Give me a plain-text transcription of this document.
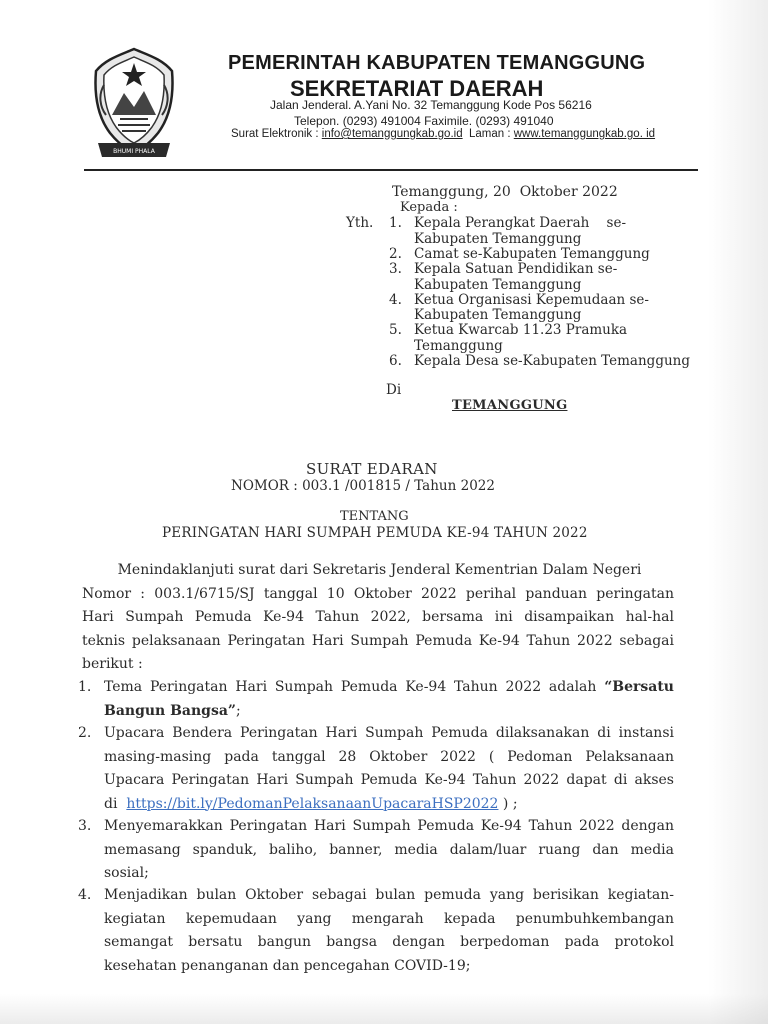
BHUMI PHALA
PEMERINTAH KABUPATEN TEMANGGUNG
SEKRETARIAT DAERAH
Jalan Jenderal. A.Yani No. 32 Temanggung Kode Pos 56216
Telepon. (0293) 491004 Faximile. (0293) 491040
Surat Elektronik : info@temanggungkab.go.id  Laman : www.temanggungkab.go. id
Temanggung, 20  Oktober 2022
Kepada :
Yth. 1. Kepala Perangkat Daerah    se-
Kabupaten Temanggung
2. Camat se-Kabupaten Temanggung
3. Kepala Satuan Pendidikan se-
Kabupaten Temanggung
4. Ketua Organisasi Kepemudaan se-
Kabupaten Temanggung
5. Ketua Kwarcab 11.23 Pramuka
Temanggung
6. Kepala Desa se-Kabupaten Temanggung
Di
TEMANGGUNG
SURAT EDARAN
NOMOR : 003.1 /001815 / Tahun 2022
TENTANG
PERINGATAN HARI SUMPAH PEMUDA KE-94 TAHUN 2022
Menindaklanjuti surat dari Sekretaris Jenderal Kementrian Dalam Negeri
Nomor : 003.1/6715/SJ tanggal 10 Oktober 2022 perihal panduan peringatan
Hari Sumpah Pemuda Ke-94 Tahun 2022, bersama ini disampaikan hal-hal
teknis pelaksanaan Peringatan Hari Sumpah Pemuda Ke-94 Tahun 2022 sebagai
berikut :
1. Tema Peringatan Hari Sumpah Pemuda Ke-94 Tahun 2022 adalah “Bersatu
Bangun Bangsa”;
2. Upacara Bendera Peringatan Hari Sumpah Pemuda dilaksanakan di instansi
masing-masing pada tanggal 28 Oktober 2022 ( Pedoman Pelaksanaan
Upacara Peringatan Hari Sumpah Pemuda Ke-94 Tahun 2022 dapat di akses
di  https://bit.ly/PedomanPelaksanaanUpacaraHSP2022 ) ;
3. Menyemarakkan Peringatan Hari Sumpah Pemuda Ke-94 Tahun 2022 dengan
memasang spanduk, baliho, banner, media dalam/luar ruang dan media
sosial;
4. Menjadikan bulan Oktober sebagai bulan pemuda yang berisikan kegiatan-
kegiatan kepemudaan yang mengarah kepada penumbuhkembangan
semangat bersatu bangun bangsa dengan berpedoman pada protokol
kesehatan penanganan dan pencegahan COVID-19;
